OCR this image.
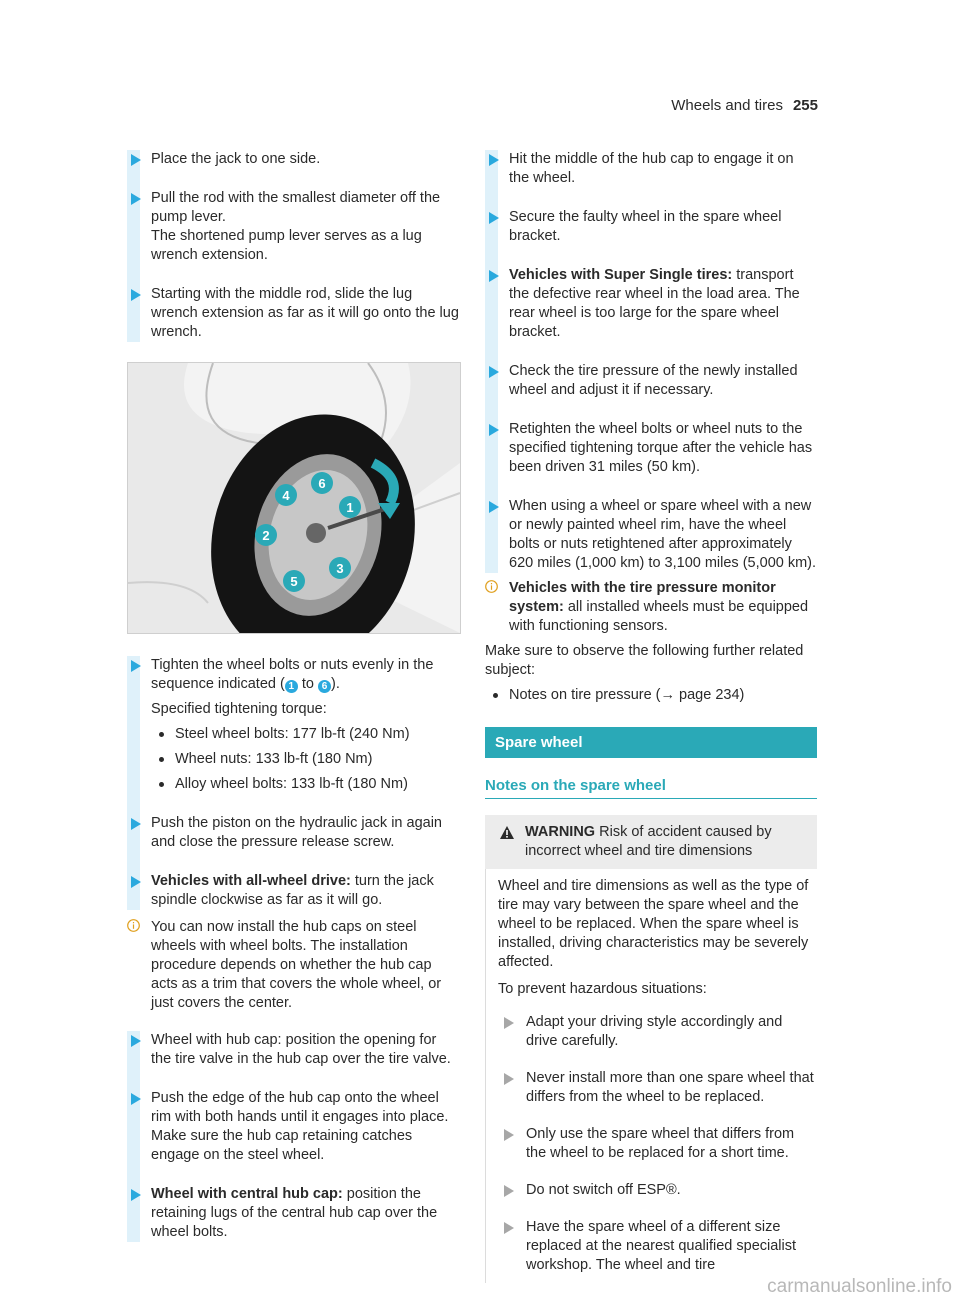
Wheels and tires 255

Place the jack to one side.

Pull the rod with the smallest diameter off the pump lever.

The shortened pump lever serves as a lug wrench extension.

Starting with the middle rod, slide the lug wrench extension as far as it will go onto the lug wrench.

1
2
3
4
5
6

Tighten the wheel bolts or nuts evenly in the sequence indicated ( 1 to 6 ).

Specified tightening torque:

Steel wheel bolts: 177 lb-ft (240 Nm)
Wheel nuts: 133 lb-ft (180 Nm)
Alloy wheel bolts: 133 lb-ft (180 Nm)

Push the piston on the hydraulic jack in again and close the pressure release screw.

Vehicles with all-wheel drive: turn the jack spindle clockwise as far as it will go.

You can now install the hub caps on steel wheels with wheel bolts. The installation procedure depends on whether the hub cap acts as a trim that covers the whole wheel, or just covers the center.

Wheel with hub cap: position the opening for the tire valve in the hub cap over the tire valve.

Push the edge of the hub cap onto the wheel rim with both hands until it engages into place. Make sure the hub cap retaining catches engage on the steel wheel.

Wheel with central hub cap: position the retaining lugs of the central hub cap over the wheel bolts.

Hit the middle of the hub cap to engage it on the wheel.

Secure the faulty wheel in the spare wheel bracket.

Vehicles with Super Single tires: transport the defective rear wheel in the load area. The rear wheel is too large for the spare wheel bracket.

Check the tire pressure of the newly installed wheel and adjust it if necessary.

Retighten the wheel bolts or wheel nuts to the specified tightening torque after the vehicle has been driven 31 miles (50 km).

When using a wheel or spare wheel with a new or newly painted wheel rim, have the wheel bolts or nuts retightened after approximately 620 miles (1,000 km) to 3,100 miles (5,000 km).

Vehicles with the tire pressure monitor system: all installed wheels must be equipped with functioning sensors.

Make sure to observe the following further related subject:

Notes on tire pressure (→ page 234)
Spare wheel
Notes on the spare wheel
WARNING Risk of accident caused by incorrect wheel and tire dimensions

Wheel and tire dimensions as well as the type of tire may vary between the spare wheel and the wheel to be replaced. When the spare wheel is installed, driving characteristics may be severely affected.

To prevent hazardous situations:

Adapt your driving style accordingly and drive carefully.
Never install more than one spare wheel that differs from the wheel to be replaced.
Only use the spare wheel that differs from the wheel to be replaced for a short time.
Do not switch off ESP®.
Have the spare wheel of a different size replaced at the nearest qualified specialist workshop. The wheel and tire
carmanualsonline.info
